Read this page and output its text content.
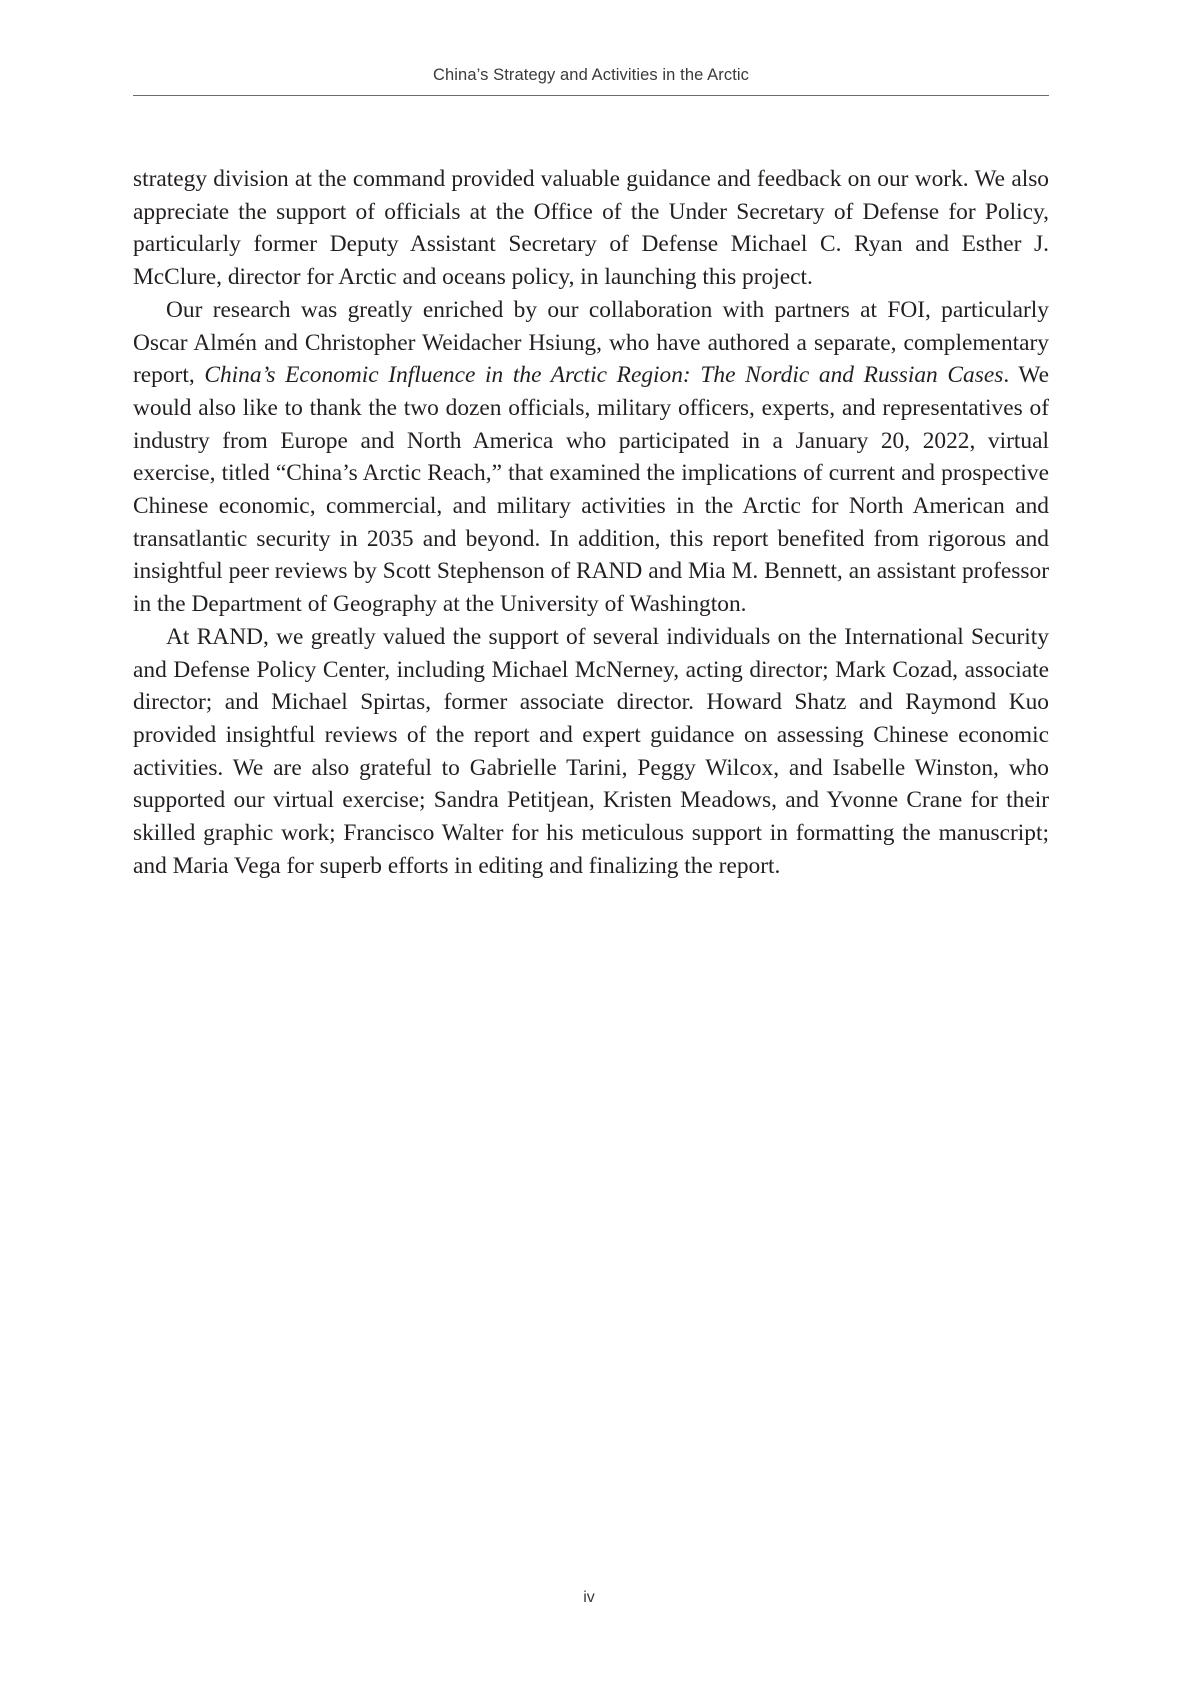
China’s Strategy and Activities in the Arctic

strategy division at the command provided valuable guidance and feedback on our work. We also appreciate the support of officials at the Office of the Under Secretary of Defense for Policy, particularly former Deputy Assistant Secretary of Defense Michael C. Ryan and Esther J. McClure, director for Arctic and oceans policy, in launching this project.

Our research was greatly enriched by our collaboration with partners at FOI, particularly Oscar Almén and Christopher Weidacher Hsiung, who have authored a separate, complementary report, China’s Economic Influence in the Arctic Region: The Nordic and Russian Cases. We would also like to thank the two dozen officials, military officers, experts, and representatives of industry from Europe and North America who participated in a January 20, 2022, virtual exercise, titled “China’s Arctic Reach,” that examined the implications of current and prospective Chinese economic, commercial, and military activities in the Arctic for North American and transatlantic security in 2035 and beyond. In addition, this report benefited from rigorous and insightful peer reviews by Scott Stephenson of RAND and Mia M. Bennett, an assistant professor in the Department of Geography at the University of Washington.

At RAND, we greatly valued the support of several individuals on the International Security and Defense Policy Center, including Michael McNerney, acting director; Mark Cozad, associate director; and Michael Spirtas, former associate director. Howard Shatz and Raymond Kuo provided insightful reviews of the report and expert guidance on assessing Chinese economic activities. We are also grateful to Gabrielle Tarini, Peggy Wilcox, and Isabelle Winston, who supported our virtual exercise; Sandra Petitjean, Kristen Meadows, and Yvonne Crane for their skilled graphic work; Francisco Walter for his meticulous support in formatting the manuscript; and Maria Vega for superb efforts in editing and finalizing the report.

iv
